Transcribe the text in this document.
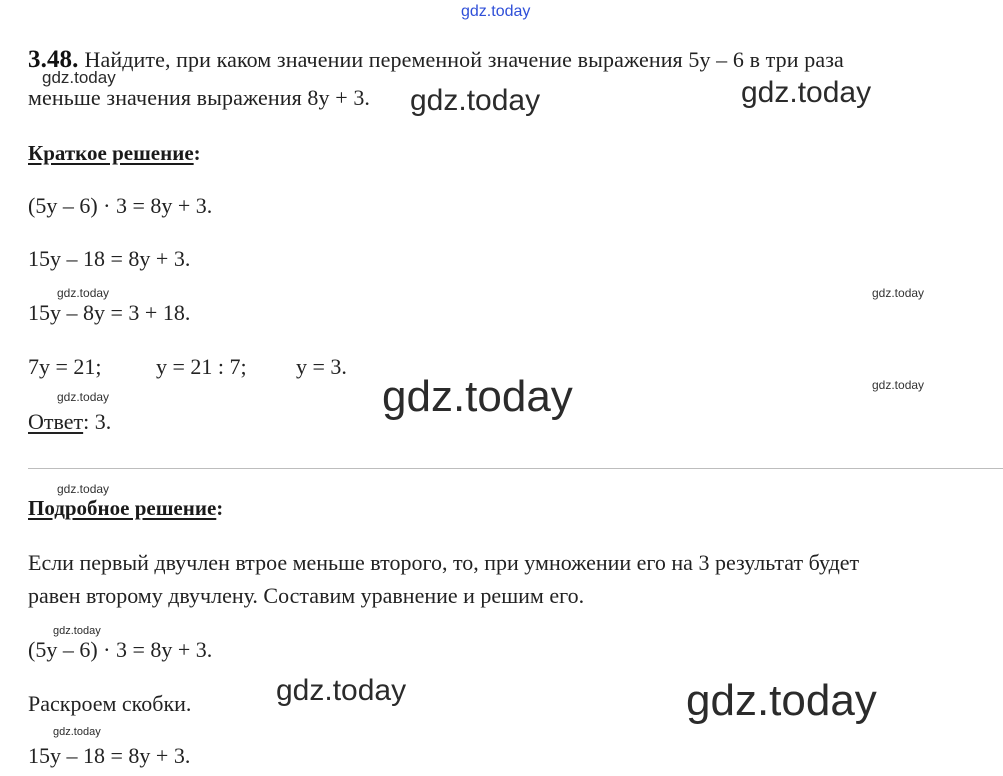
gdz.today
3.48. Найдите, при каком значении переменной значение выражения 5y – 6 в три раза
gdz.today
меньше значения выражения 8y + 3. gdz.today	gdz.today
Краткое решение:
(5y – 6) · 3 = 8y + 3.
15y – 18 = 8y + 3.
gdz.today	gdz.today
15y – 8y = 3 + 18.
7y = 21; y = 21 : 7; y = 3.
gdz.today	gdz.today
gdz.today
Ответ: 3.
gdz.today
Подробное решение:
Если первый двучлен втрое меньше второго, то, при умножении его на 3 результат будет
равен второму двучлену. Составим уравнение и решим его.
gdz.today
(5y – 6) · 3 = 8y + 3.
Раскроем скобки.	gdz.today	gdz.today
gdz.today
15y – 18 = 8y + 3.
